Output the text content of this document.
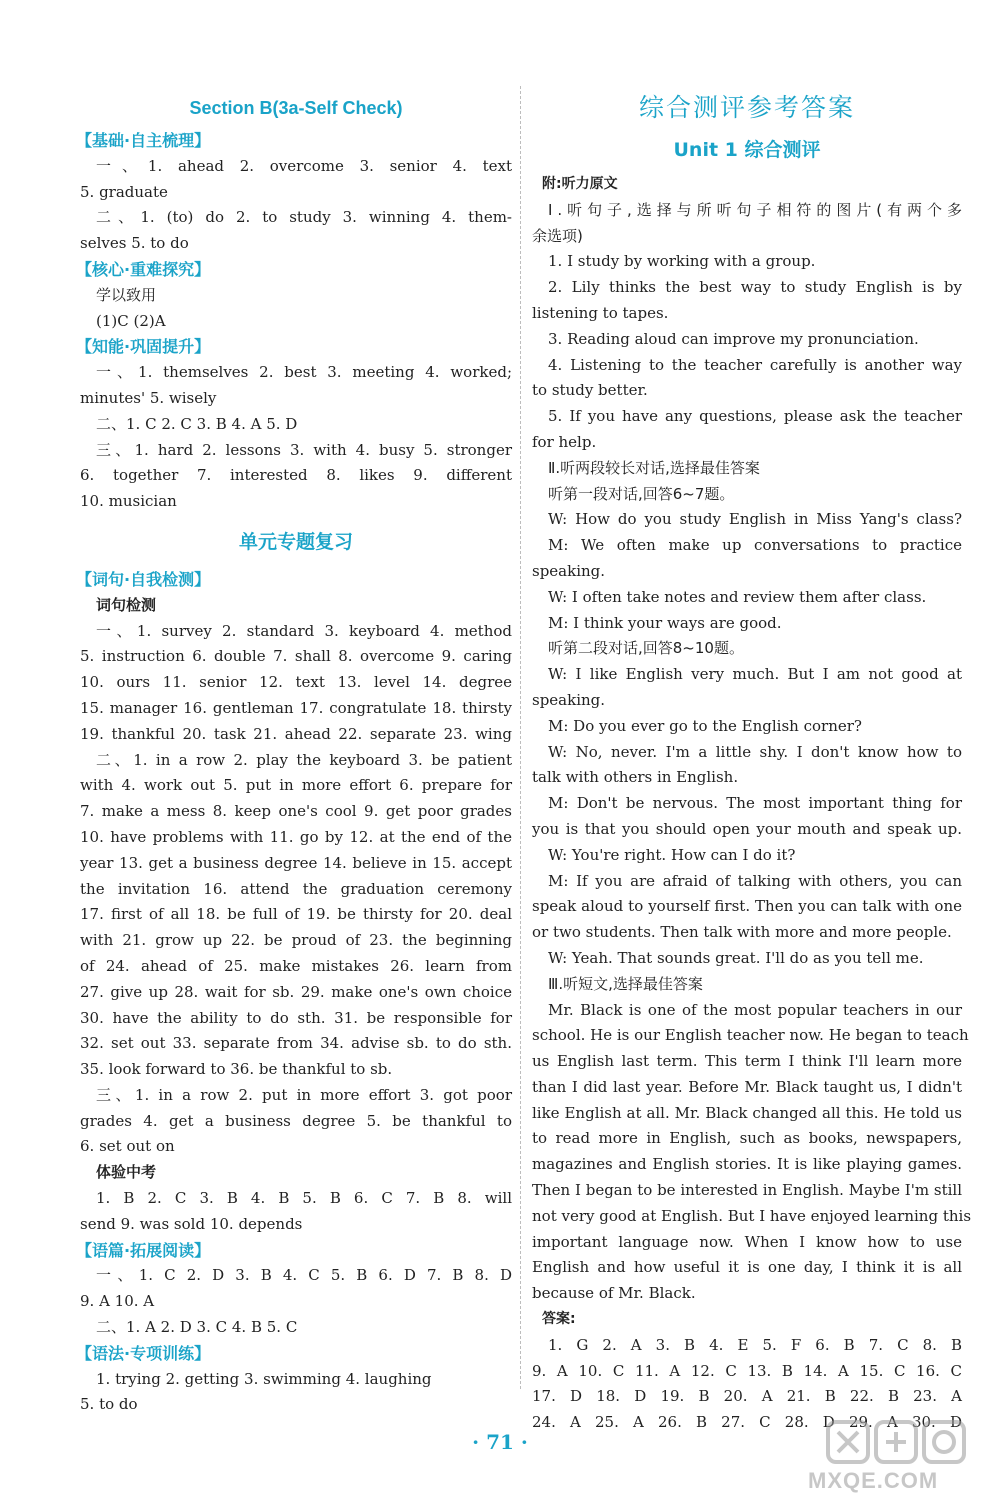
Section B(3a-Self Check)
【基础·自主梳理】
一、1. ahead 2. overcome 3. senior 4. text
5. graduate
二、1. (to) do 2. to study 3. winning 4. them-
selves 5. to do
【核心·重难探究】
学以致用
(1)C (2)A
【知能·巩固提升】
一、1. themselves 2. best 3. meeting 4. worked;
minutes' 5. wisely
二、1. C 2. C 3. B 4. A 5. D
三、1. hard 2. lessons 3. with 4. busy 5. stronger
6. together 7. interested 8. likes 9. different
10. musician
单元专题复习
【词句·自我检测】
词句检测
一、1. survey 2. standard 3. keyboard 4. method
5. instruction 6. double 7. shall 8. overcome 9. caring
10. ours 11. senior 12. text 13. level 14. degree
15. manager 16. gentleman 17. congratulate 18. thirsty
19. thankful 20. task 21. ahead 22. separate 23. wing
二、1. in a row 2. play the keyboard 3. be patient
with 4. work out 5. put in more effort 6. prepare for
7. make a mess 8. keep one's cool 9. get poor grades
10. have problems with 11. go by 12. at the end of the
year 13. get a business degree 14. believe in 15. accept
the invitation 16. attend the graduation ceremony
17. first of all 18. be full of 19. be thirsty for 20. deal
with 21. grow up 22. be proud of 23. the beginning
of 24. ahead of 25. make mistakes 26. learn from
27. give up 28. wait for sb. 29. make one's own choice
30. have the ability to do sth. 31. be responsible for
32. set out 33. separate from 34. advise sb. to do sth.
35. look forward to 36. be thankful to sb.
三、1. in a row 2. put in more effort 3. got poor
grades 4. get a business degree 5. be thankful to
6. set out on
体验中考
1. B 2. C 3. B 4. B 5. B 6. C 7. B 8. will
send 9. was sold 10. depends
【语篇·拓展阅读】
一、1. C 2. D 3. B 4. C 5. B 6. D 7. B 8. D
9. A 10. A
二、1. A 2. D 3. C 4. B 5. C
【语法·专项训练】
1. trying 2. getting 3. swimming 4. laughing
5. to do
综合测评参考答案
Unit 1 综合测评
附:听力原文
Ⅰ.听句子,选择与所听句子相符的图片(有两个多
余选项)
1. I study by working with a group.
2. Lily thinks the best way to study English is by
listening to tapes.
3. Reading aloud can improve my pronunciation.
4. Listening to the teacher carefully is another way
to study better.
5. If you have any questions, please ask the teacher
for help.
Ⅱ.听两段较长对话,选择最佳答案
听第一段对话,回答6~7题。
W: How do you study English in Miss Yang's class?
M: We often make up conversations to practice
speaking.
W: I often take notes and review them after class.
M: I think your ways are good.
听第二段对话,回答8~10题。
W: I like English very much. But I am not good at
speaking.
M: Do you ever go to the English corner?
W: No, never. I'm a little shy. I don't know how to
talk with others in English.
M: Don't be nervous. The most important thing for
you is that you should open your mouth and speak up.
W: You're right. How can I do it?
M: If you are afraid of talking with others, you can
speak aloud to yourself first. Then you can talk with one
or two students. Then talk with more and more people.
W: Yeah. That sounds great. I'll do as you tell me.
Ⅲ.听短文,选择最佳答案
Mr. Black is one of the most popular teachers in our
school. He is our English teacher now. He began to teach
us English last term. This term I think I'll learn more
than I did last year. Before Mr. Black taught us, I didn't
like English at all. Mr. Black changed all this. He told us
to read more in English, such as books, newspapers,
magazines and English stories. It is like playing games.
Then I began to be interested in English. Maybe I'm still
not very good at English. But I have enjoyed learning this
important language now. When I know how to use
English and how useful it is one day, I think it is all
because of Mr. Black.
答案:
1. G 2. A 3. B 4. E 5. F 6. B 7. C 8. B
9. A 10. C 11. A 12. C 13. B 14. A 15. C 16. C
17. D 18. D 19. B 20. A 21. B 22. B 23. A
24. A 25. A 26. B 27. C 28. D 29. A 30. D
· 71 ·
MXQE.COM
